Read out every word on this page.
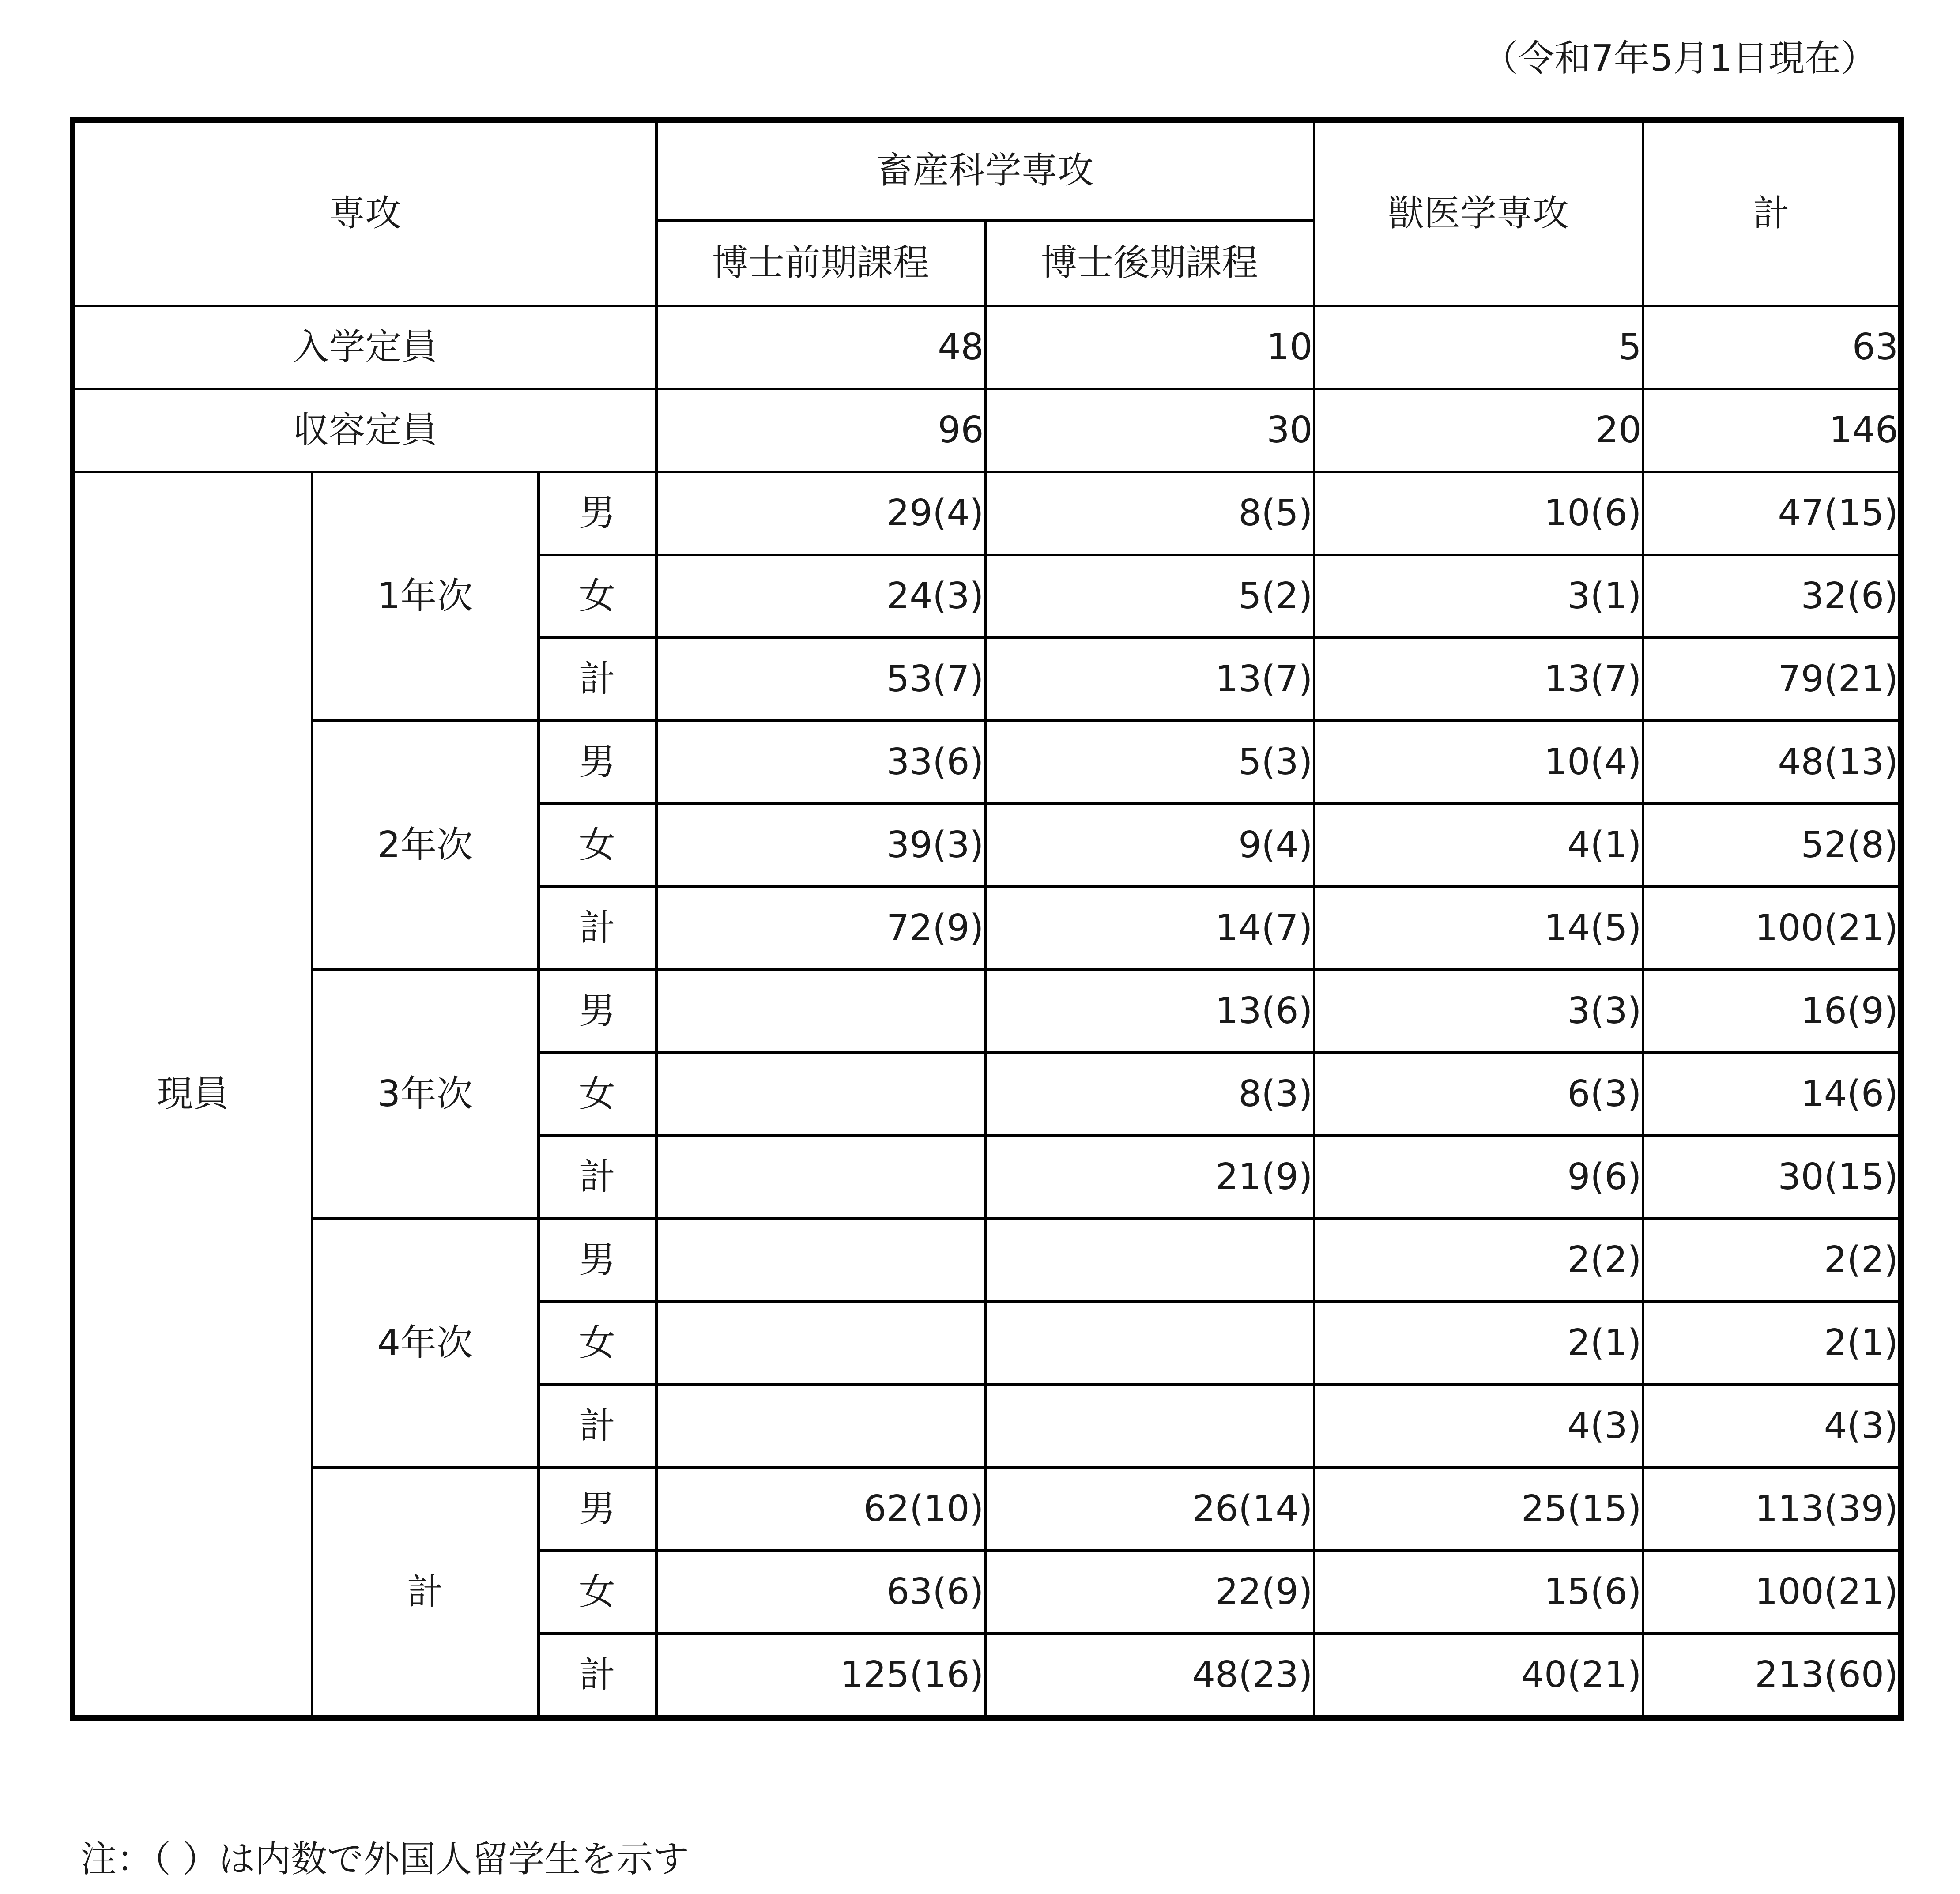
（令和7年5月1日現在）
専攻			畜産科学専攻		獣医学専攻	計
			博士前期課程	博士後期課程		
入学定員			48	10	5	63
収容定員			96	30	20	146
現員	1年次	男	29(4)	8(5)	10(6)	47(15)
		女	24(3)	5(2)	3(1)	32(6)
		計	53(7)	13(7)	13(7)	79(21)
	2年次	男	33(6)	5(3)	10(4)	48(13)
		女	39(3)	9(4)	4(1)	52(8)
		計	72(9)	14(7)	14(5)	100(21)
	3年次	男		13(6)	3(3)	16(9)
		女		8(3)	6(3)	14(6)
		計		21(9)	9(6)	30(15)
	4年次	男			2(2)	2(2)
		女			2(1)	2(1)
		計			4(3)	4(3)
	計	男	62(10)	26(14)	25(15)	113(39)
		女	63(6)	22(9)	15(6)	100(21)
		計	125(16)	48(23)	40(21)	213(60)
注：（ ）は内数で外国人留学生を示す
